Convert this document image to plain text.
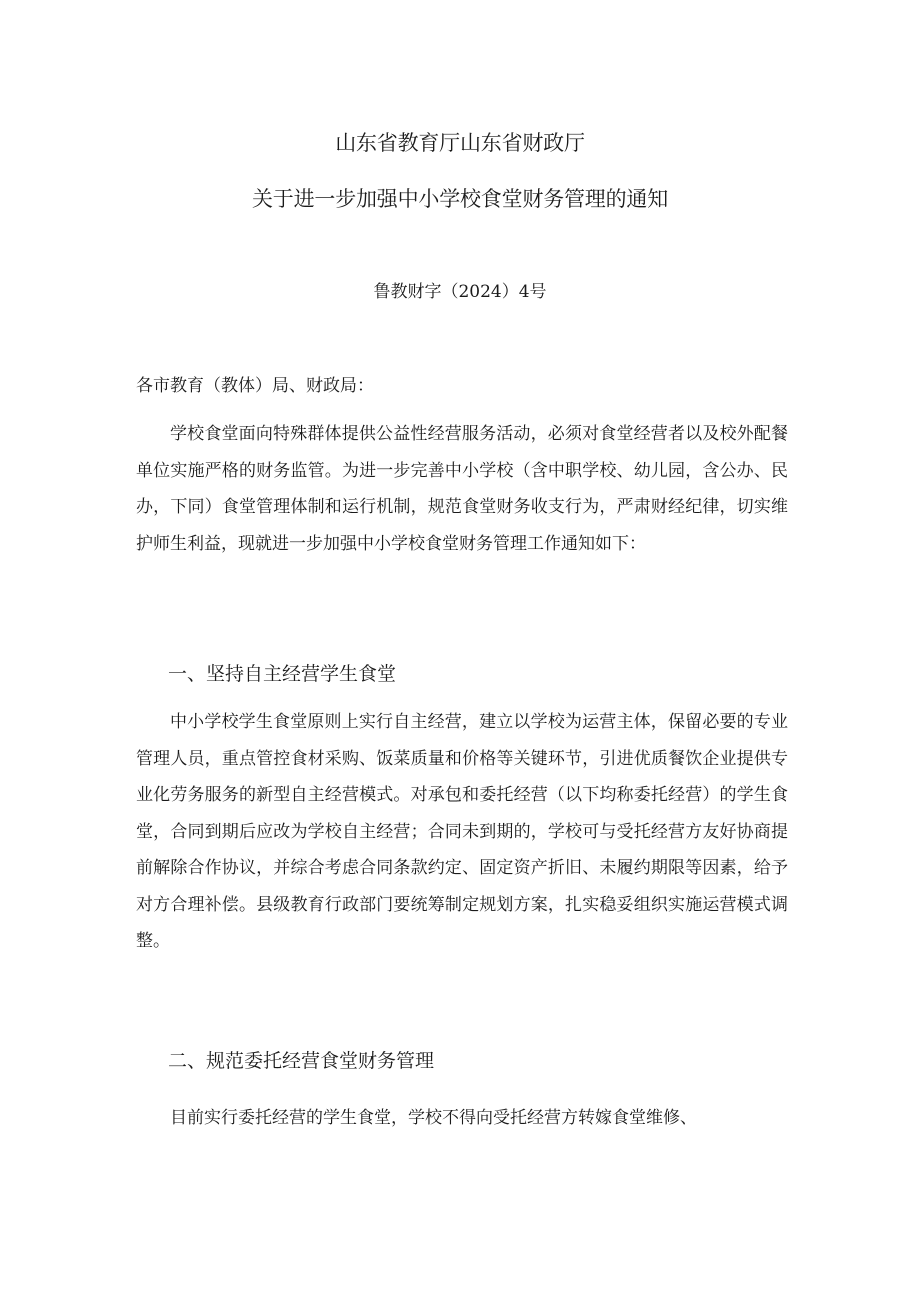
山东省教育厅山东省财政厅
关于进一步加强中小学校食堂财务管理的通知
鲁教财字（2024）4号
各市教育（教体）局、财政局：

学校食堂面向特殊群体提供公益性经营服务活动，必须对食堂经营者以及校外配餐单位实施严格的财务监管。为进一步完善中小学校（含中职学校、幼儿园，含公办、民办，下同）食堂管理体制和运行机制，规范食堂财务收支行为，严肃财经纪律，切实维护师生利益，现就进一步加强中小学校食堂财务管理工作通知如下：

一、坚持自主经营学生食堂

中小学校学生食堂原则上实行自主经营，建立以学校为运营主体，保留必要的专业管理人员，重点管控食材采购、饭菜质量和价格等关键环节，引进优质餐饮企业提供专业化劳务服务的新型自主经营模式。对承包和委托经营（以下均称委托经营）的学生食堂，合同到期后应改为学校自主经营；合同未到期的，学校可与受托经营方友好协商提前解除合作协议，并综合考虑合同条款约定、固定资产折旧、未履约期限等因素，给予对方合理补偿。县级教育行政部门要统筹制定规划方案，扎实稳妥组织实施运营模式调整。

二、规范委托经营食堂财务管理

目前实行委托经营的学生食堂，学校不得向受托经营方转嫁食堂维修、
